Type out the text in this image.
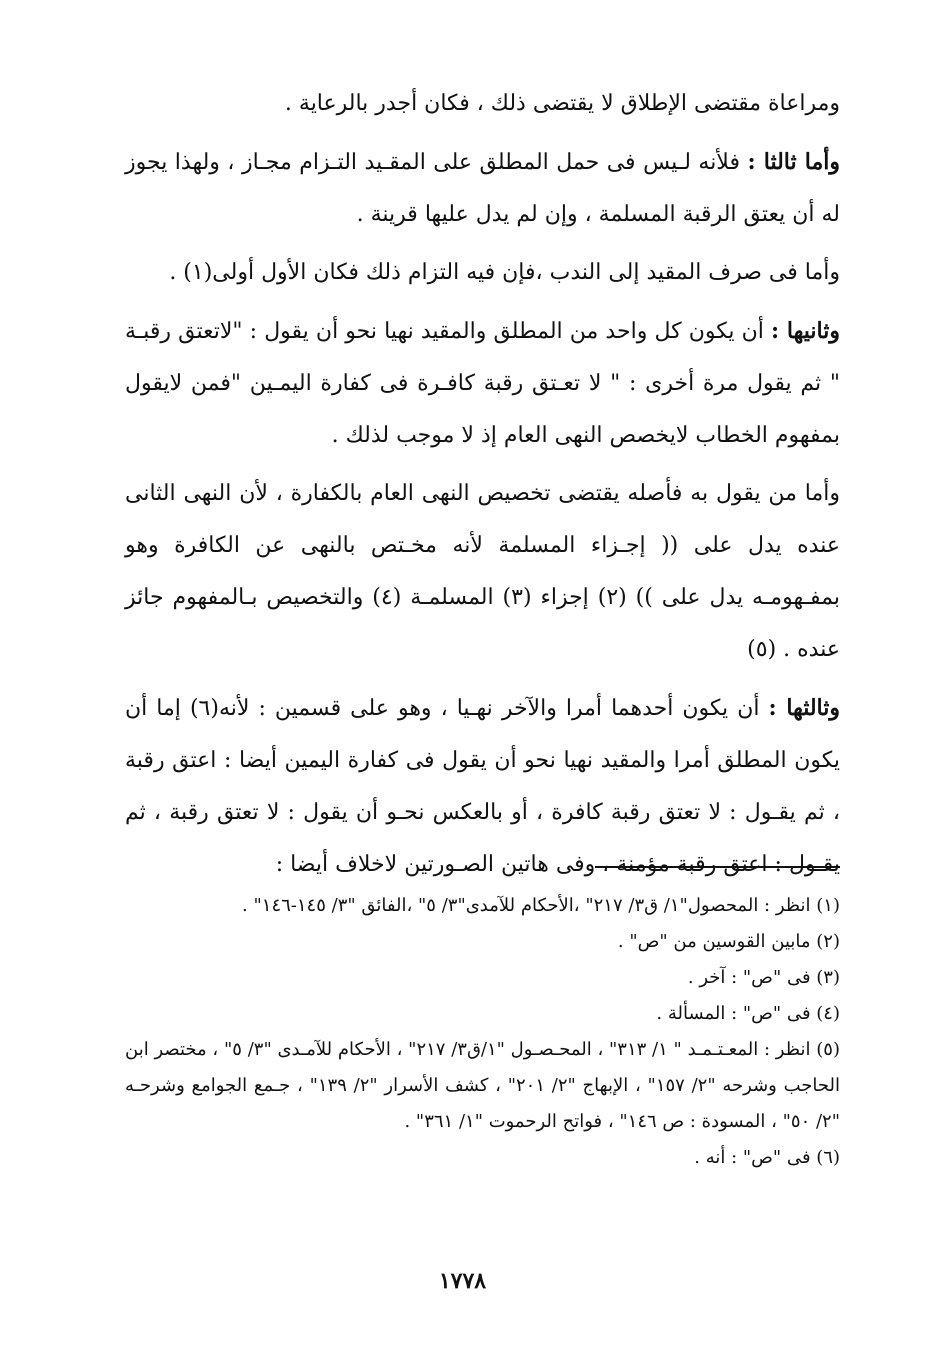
ومراعاة مقتضى الإطلاق لا يقتضى ذلك ، فكان أجدر بالرعاية .

وأما ثالثا : فلأنه لـيس فى حمل المطلق على المقـيد التـزام مجـاز ، ولهذا يجوز له أن يعتق الرقبة المسلمة ، وإن لم يدل عليها قرينة .

وأما فى صرف المقيد إلى الندب ،فإن فيه التزام ذلك فكان الأول أولى(١) .

وثانيها : أن يكون كل واحد من المطلق والمقيد نهيا نحو أن يقول : "لاتعتق رقبـة " ثم يقول مرة أخرى : " لا تعـتق رقبة كافـرة فى كفارة اليمـين "فمن لايقول بمفهوم الخطاب لايخصص النهى العام إذ لا موجب لذلك .

وأما من يقول به فأصله يقتضى تخصيص النهى العام بالكفارة ، لأن النهى الثانى عنده يدل على (( إجـزاء المسلمة لأنه مخـتص بالنهى عن الكافرة وهو بمفـهومـه يدل على )) (٢) إجزاء (٣) المسلمـة (٤) والتخصيص بـالمفهوم جائز عنده . (٥)

وثالثها : أن يكون أحدهما أمرا والآخر نهـيا ، وهو على قسمين : لأنه(٦) إما أن يكون المطلق أمرا والمقيد نهيا نحو أن يقول فى كفارة اليمين أيضا : اعتق رقبة ، ثم يقـول : لا تعتق رقبة كافرة ، أو بالعكس نحـو أن يقول : لا تعتق رقبة ، ثم يقـول : اعتق رقبة مؤمنة ، وفى هاتين الصـورتين لاخلاف أيضا :

(١) انظر : المحصول"١/ ق٣/ ٢١٧" ،الأحكام للآمدى"٣/ ٥" ،الفائق "٣/ ١٤٥-١٤٦" .

(٢) مابين القوسين من "ص" .

(٣) فى "ص" : آخر .

(٤) فى "ص" : المسألة .

(٥) انظر : المعـتـمـد " ١/ ٣١٣" ، المحـصـول "١/ق٣/ ٢١٧" ، الأحكام للآمـدى "٣/ ٥" ، مختصر ابن الحاجب وشرحه "٢/ ١٥٧" ، الإبهاج "٢/ ٢٠١" ، كشف الأسرار "٢/ ١٣٩" ، جـمع الجوامع وشرحـه "٢/ ٥٠" ، المسودة : ص ١٤٦" ، فواتح الرحموت "١/ ٣٦١" .

(٦) فى "ص" : أنه .

١٧٧٨
